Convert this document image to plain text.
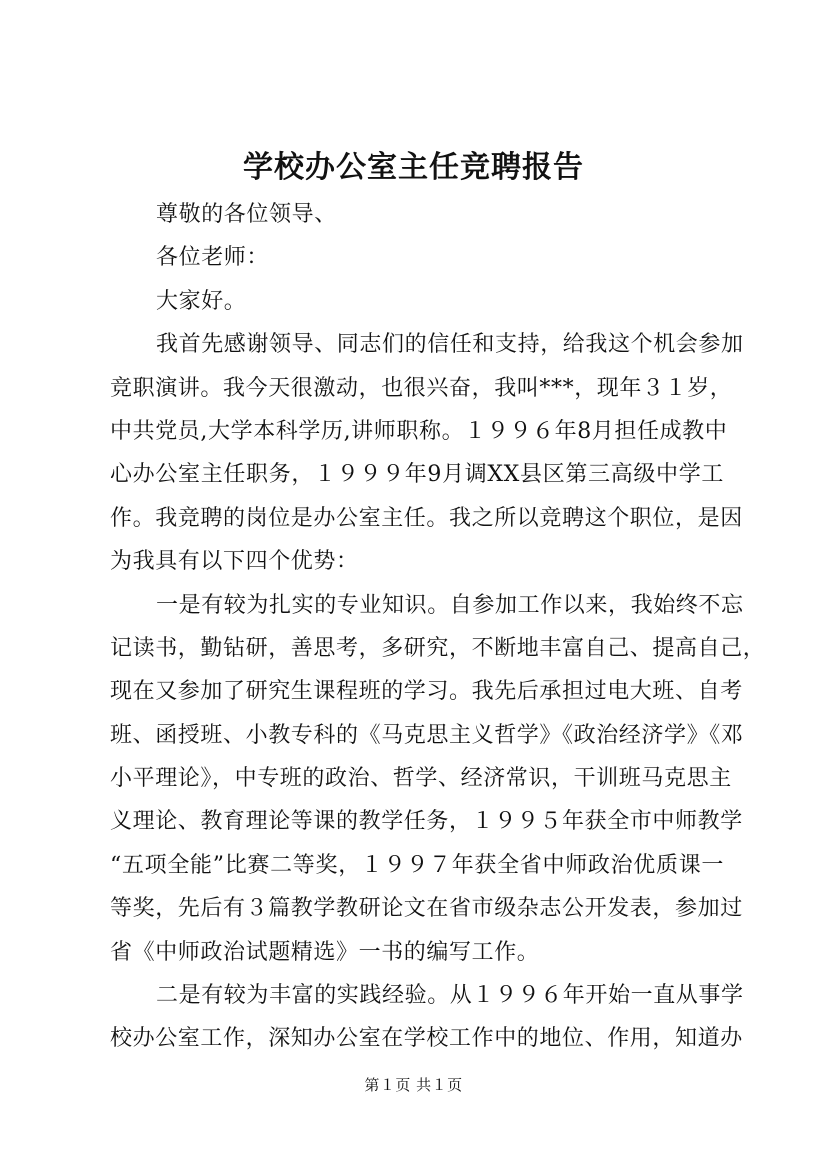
学校办公室主任竞聘报告
尊敬的各位领导、
各位老师：
大家好。
我首先感谢领导、同志们的信任和支持，给我这个机会参加
竞职演讲。我今天很激动，也很兴奋，我叫***，现年３１岁，
中共党员,大学本科学历,讲师职称。１９９６年8月担任成教中
心办公室主任职务，１９９９年9月调XX县区第三高级中学工
作。我竞聘的岗位是办公室主任。我之所以竞聘这个职位，是因
为我具有以下四个优势：
一是有较为扎实的专业知识。自参加工作以来，我始终不忘
记读书，勤钻研，善思考，多研究，不断地丰富自己、提高自己，
现在又参加了研究生课程班的学习。我先后承担过电大班、自考
班、函授班、小教专科的《马克思主义哲学》《政治经济学》《邓
小平理论》，中专班的政治、哲学、经济常识，干训班马克思主
义理论、教育理论等课的教学任务，１９９５年获全市中师教学
“五项全能”比赛二等奖，１９９７年获全省中师政治优质课一
等奖，先后有３篇教学教研论文在省市级杂志公开发表，参加过
省《中师政治试题精选》一书的编写工作。
二是有较为丰富的实践经验。从１９９６年开始一直从事学
校办公室工作，深知办公室在学校工作中的地位、作用，知道办
第１页 共１页
